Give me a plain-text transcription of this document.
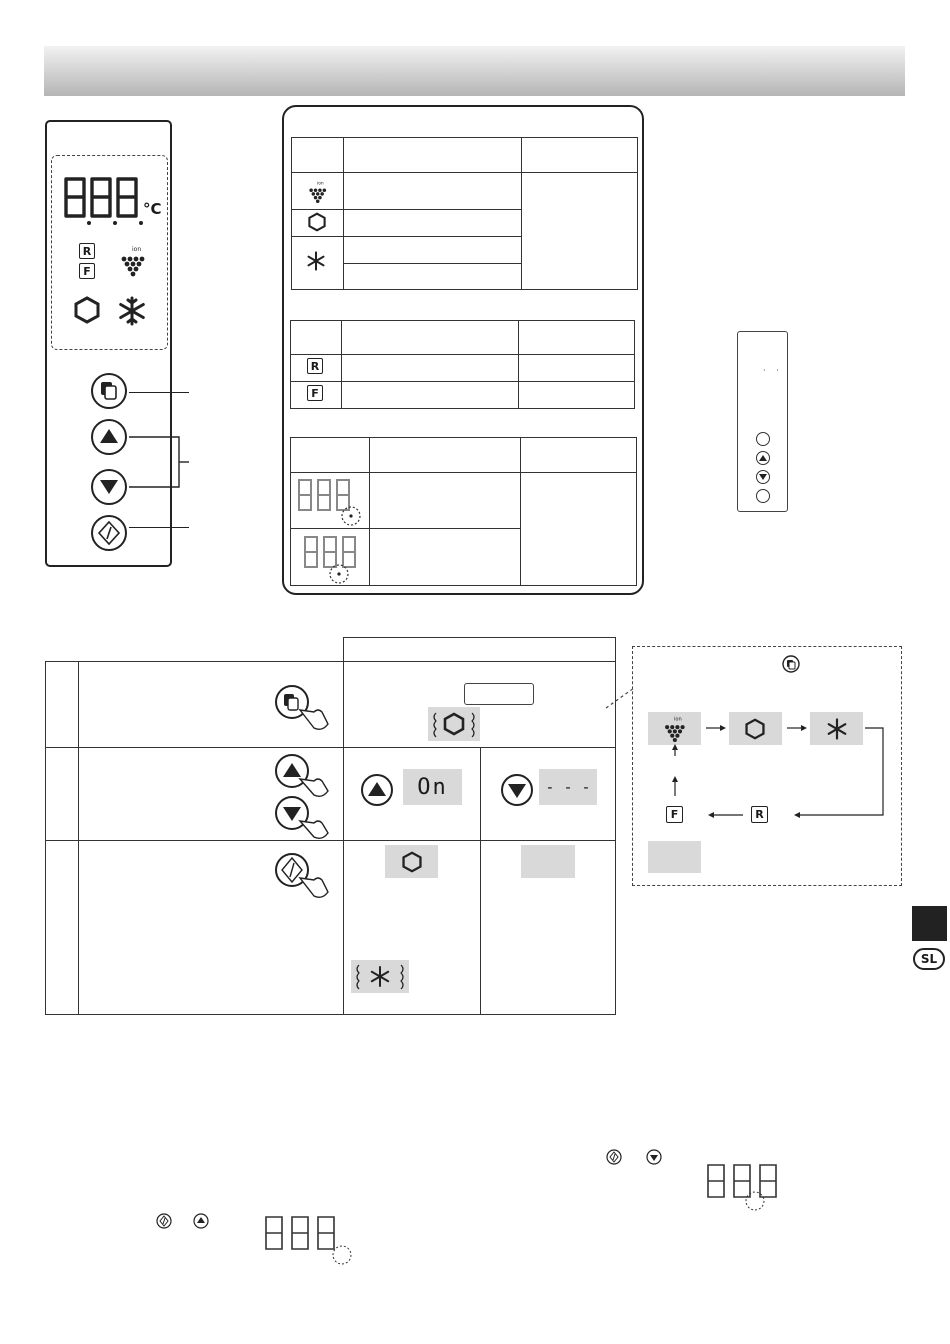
°C
R
F
ion

ion

R
F

· ·

On	- - -
ion
F	R
SL
